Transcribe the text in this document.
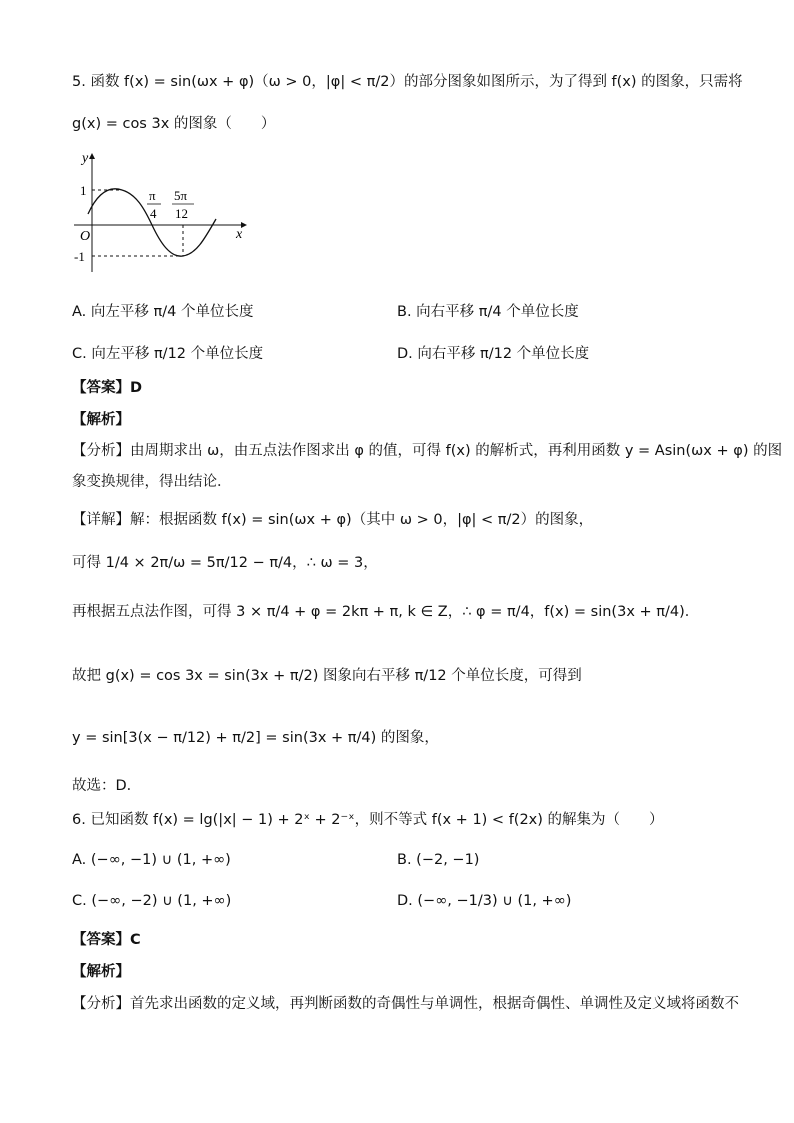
5. 函数 f(x) = sin(ωx + φ)（ω > 0，|φ| < π/2）的部分图象如图所示，为了得到 f(x) 的图象，只需将
g(x) = cos 3x 的图象（　　）
y
x
O
1
-1
π
4
5π
12
A. 向左平移 π/4 个单位长度	B. 向右平移 π/4 个单位长度
C. 向左平移 π/12 个单位长度	D. 向右平移 π/12 个单位长度
【答案】D
【解析】
【分析】由周期求出 ω，由五点法作图求出 φ 的值，可得 f(x) 的解析式，再利用函数 y = Asin(ωx + φ) 的图
象变换规律，得出结论．
【详解】解：根据函数 f(x) = sin(ωx + φ)（其中 ω > 0，|φ| < π/2）的图象，
可得 1/4 × 2π/ω = 5π/12 − π/4，∴ ω = 3，
再根据五点法作图，可得 3 × π/4 + φ = 2kπ + π, k ∈ Z，∴ φ = π/4，f(x) = sin(3x + π/4)．
故把 g(x) = cos 3x = sin(3x + π/2) 图象向右平移 π/12 个单位长度，可得到
y = sin[3(x − π/12) + π/2] = sin(3x + π/4) 的图象，
故选：D．
6. 已知函数 f(x) = lg(|x| − 1) + 2ˣ + 2⁻ˣ，则不等式 f(x + 1) < f(2x) 的解集为（　　）
A. (−∞, −1) ∪ (1, +∞)	B. (−2, −1)
C. (−∞, −2) ∪ (1, +∞)	D. (−∞, −1/3) ∪ (1, +∞)
【答案】C
【解析】
【分析】首先求出函数的定义域，再判断函数的奇偶性与单调性，根据奇偶性、单调性及定义域将函数不
